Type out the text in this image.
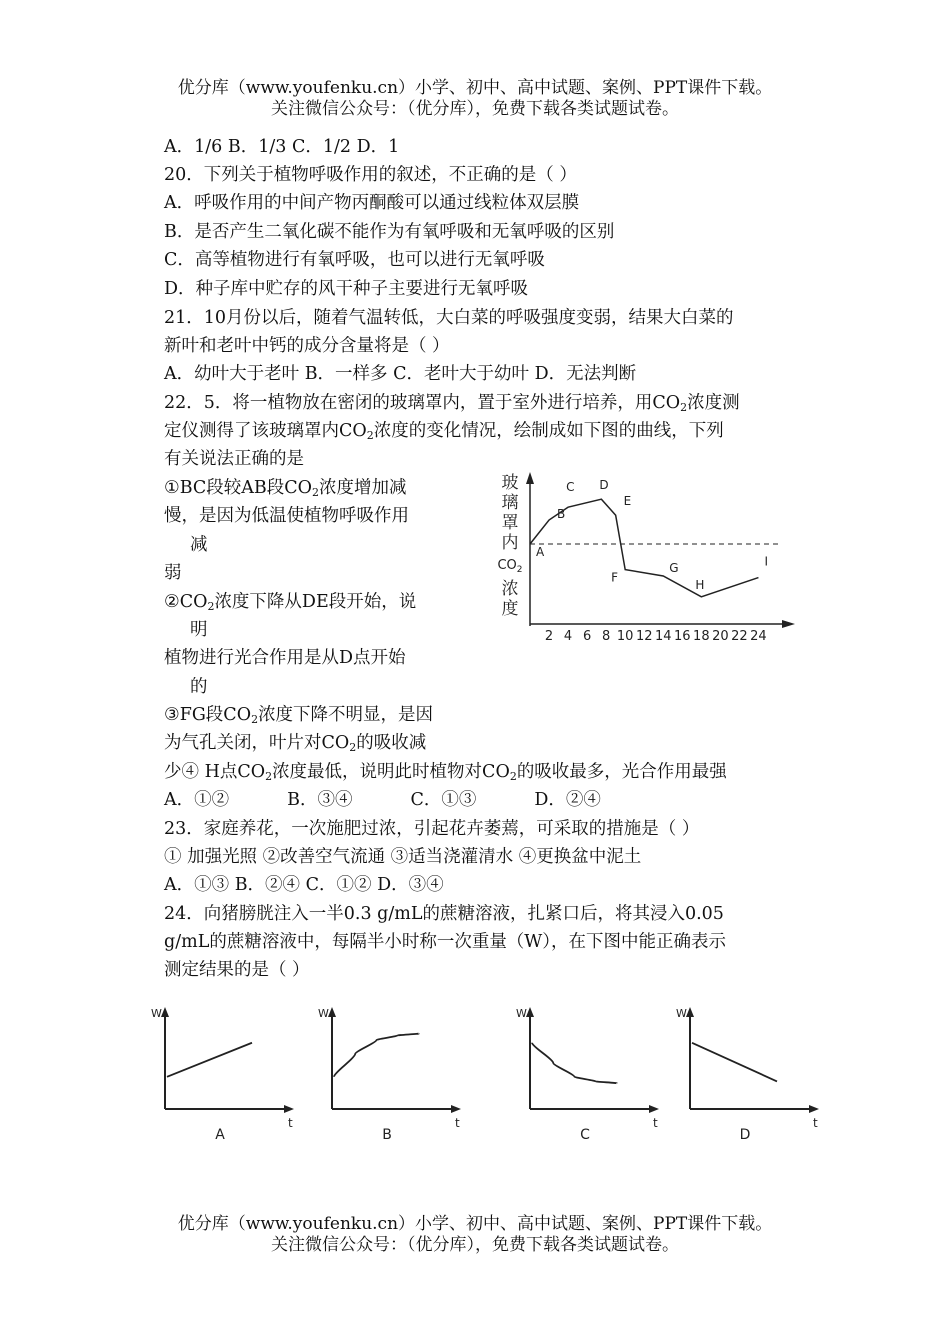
优分库（www.youfenku.cn）小学、初中、高中试题、案例、PPT课件下载。
关注微信公众号：（优分库），免费下载各类试题试卷。
A．1/6 B．1/3 C．1/2 D．1
20．下列关于植物呼吸作用的叙述，不正确的是（ ）
A．呼吸作用的中间产物丙酮酸可以通过线粒体双层膜
B．是否产生二氧化碳不能作为有氧呼吸和无氧呼吸的区别
C．高等植物进行有氧呼吸，也可以进行无氧呼吸
D．种子库中贮存的风干种子主要进行无氧呼吸
21．10月份以后，随着气温转低，大白菜的呼吸强度变弱，结果大白菜的
新叶和老叶中钙的成分含量将是（ ）
A．幼叶大于老叶 B．一样多 C．老叶大于幼叶 D．无法判断
22．5．将一植物放在密闭的玻璃罩内，置于室外进行培养，用$CO_2$浓度测
定仪测得了该玻璃罩内$CO_2$浓度的变化情况，绘制成如下图的曲线，下列
有关说法正确的是
①BC段较AB段$CO_2$浓度增加减
慢，是因为低温使植物呼吸作用
减
弱
$②CO_2$浓度下降从DE段开始，说
明
植物进行光合作用是从D点开始
的
③FG段$CO_2$浓度下降不明显，是因
为气孔关闭，叶片对$CO_2$的吸收减
少④ H点$CO_2$浓度最低，说明此时植物对$CO_2$的吸收最多，光合作用最强
A．①②	B．③④	C．①③	D．②④
玻
璃
罩
内
$CO_2$
浓
度
A
B
C D
E
F
G
H
I
2 4 6 8 10 12 14 16 18 20 22 24
23．家庭养花，一次施肥过浓，引起花卉萎蔫，可采取的措施是（ ）
① 加强光照 ②改善空气流通 ③适当浇灌清水 ④更换盆中泥土
A．①③ B．②④ C．①② D．③④
24．向猪膀胱注入一半0.3 g/mL的蔗糖溶液，扎紧口后，将其浸入0.05
g/mL的蔗糖溶液中，每隔半小时称一次重量（W），在下图中能正确表示
测定结果的是（ ）
W
t
A
W
t
B
W
t
C
W
t
D
优分库（www.youfenku.cn）小学、初中、高中试题、案例、PPT课件下载。
关注微信公众号：（优分库），免费下载各类试题试卷。
